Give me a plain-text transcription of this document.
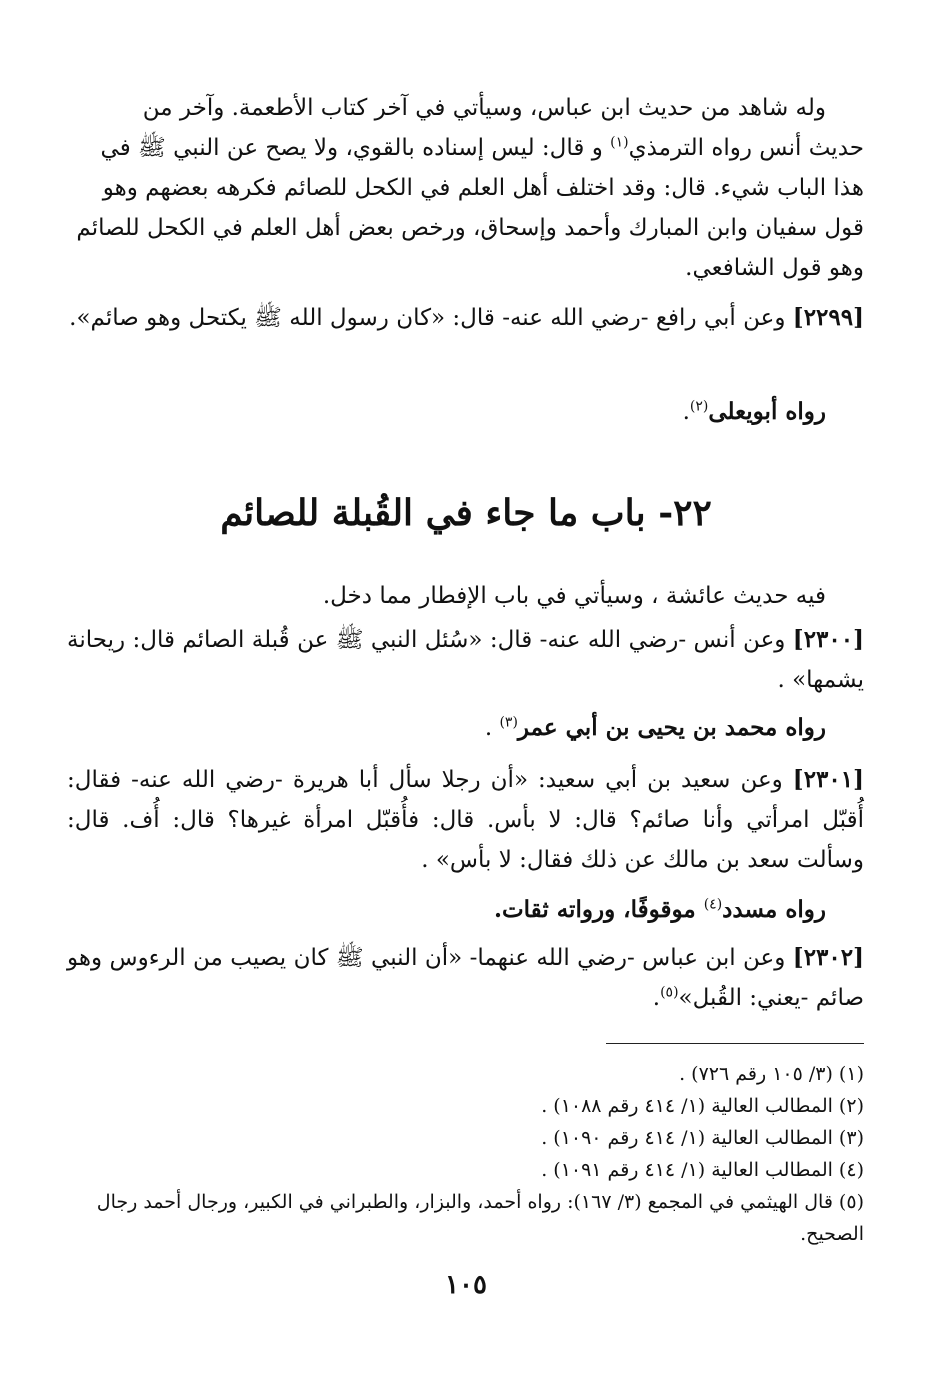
وله شاهد من حديث ابن عباس، وسيأتي في آخر كتاب الأطعمة. وآخر من
حديث أنس رواه الترمذي$^{(١)}$ و قال: ليس إسناده بالقوي، ولا يصح عن النبي ﷺ في
هذا الباب شيء. قال: وقد اختلف أهل العلم في الكحل للصائم فكرهه بعضهم وهو
قول سفيان وابن المبارك وأحمد وإسحاق، ورخص بعض أهل العلم في الكحل للصائم
وهو قول الشافعي.
[٢٢٩٩] وعن أبي رافع -رضي الله عنه- قال: «كان رسول الله ﷺ يكتحل وهو صائم».
رواه أبويعلى$^{(٢)}$.
٢٢- باب ما جاء في القُبلة للصائم
فيه حديث عائشة ، وسيأتي في باب الإفطار مما دخل.
[٢٣٠٠] وعن أنس -رضي الله عنه- قال: «سُئل النبي ﷺ عن قُبلة الصائم قال: ريحانة يشمها» .
رواه محمد بن يحيى بن أبي عمر$^{(٣)}$ .
[٢٣٠١] وعن سعيد بن أبي سعيد: «أن رجلا سأل أبا هريرة -رضي الله عنه- فقال: أُقبّل امرأتي وأنا صائم؟ قال: لا بأس. قال: فأُقبّل امرأة غيرها؟ قال: أُف. قال: وسألت سعد بن مالك عن ذلك فقال: لا بأس» .
رواه مسدد$^{(٤)}$ موقوفًا، ورواته ثقات.
[٢٣٠٢] وعن ابن عباس -رضي الله عنهما- «أن النبي ﷺ كان يصيب من الرءوس وهو صائم -يعني: القُبل»$^{(٥)}$.
(١) (٣/ ١٠٥ رقم ٧٢٦) .
(٢) المطالب العالية (١/ ٤١٤ رقم ١٠٨٨) .
(٣) المطالب العالية (١/ ٤١٤ رقم ١٠٩٠) .
(٤) المطالب العالية (١/ ٤١٤ رقم ١٠٩١) .
(٥) قال الهيثمي في المجمع (٣/ ١٦٧): رواه أحمد، والبزار، والطبراني في الكبير، ورجال أحمد رجال الصحيح.
١٠٥
